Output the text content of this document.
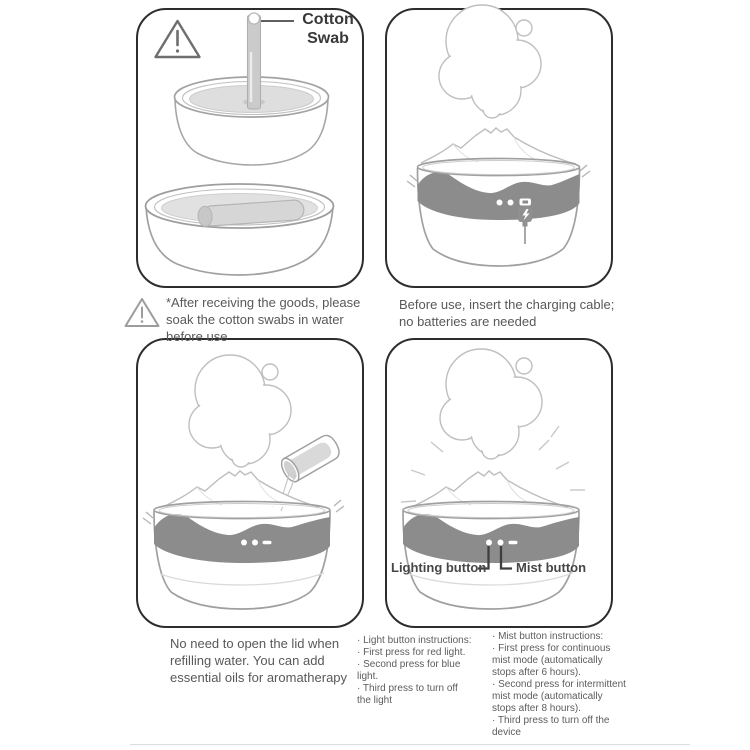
Cotton Swab
Lighting button Mist button
*After receiving the goods, please
soak the cotton swabs in water
before use
Before use, insert the charging cable;
no batteries are needed
No need to open the lid when
refilling water. You can add
essential oils for aromatherapy
· Light button instructions:
· First press for red light.
· Second press for blue
light.
· Third press to turn off
the light
· Mist button instructions:
· First press for continuous
mist mode (automatically
stops after 6 hours).
· Second press for intermittent
mist mode (automatically
stops after 8 hours).
· Third press to turn off the
device
